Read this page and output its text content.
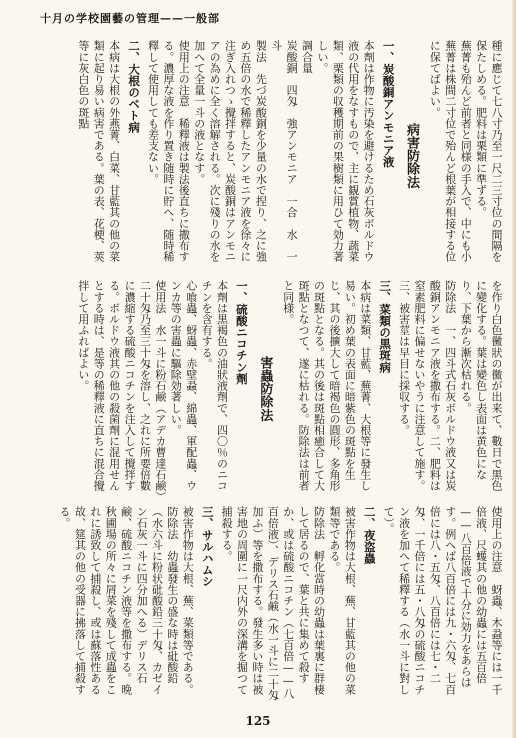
十月の学校園藝の管理——一般部

種に應じて七八寸乃至一尺二三寸位の間隔を保たしめる。肥料は栗類に準ずる。

蕪菁も殆んど前者と同様の手入で、中にも小蕪菁は株間二寸位で殆んど根葉が相接する位に保てばよい。

病害防除法
一、炭酸銅アンモニア液

本劑は作物に汚染を避けるため石灰ボルドウ液の代用をなすもので、主に観賞植物、蔬菜類、栗類の収穫期前の果樹類に用ひて効力著しい。

調合量

炭酸銅　四匁　強アンモニア　一合　水　一斗

製法　先づ炭酸銅を少量の水で捏り、之に強め五倍の水で稀釋したアンモニア液を徐々に注ぎ入れつゝ攪拌すると、炭酸銅はアンモニアの為めに全く溶解される。次に殘りの水を加へて全量一斗の液となす。

使用上の注意　稀釋液は製法後直ちに撒布する。濃厚な液を作り置き随時に貯へ、随時稀釋して使用しても差支ない。

二、大根のベト病

本病は大根の外燕菁、白菜、甘藍其の他の菜類に起り易い病害である。葉の表、花梗、莢等に灰白色の斑點

を作り白色黴狀の黴が出来て、數日で黒色に變化する。葉は變色し表面は黄色になり、下葉から漸次枯れる。

防除法　一、四斗式石灰ボルドウ液又は炭酸銅アンモニア液を撒布する。二、肥料は窒素肥料に偏せないやうに注意して施す。三、被害莖は早目に採収する。

三、菜類の黒斑病

本病は菜類、甘藍、蕪菁、大根等に發生し易い。初め葉の表面に暗紫色の斑點を生じ、其の後擴大して暗褐色の圓形、多角形の斑點となる。其の後は斑點相癒合して大斑點となつて、遂に枯れる。防除法は前者と同様。

害蟲防除法
一、硫酸ニコチン劑

本劑は黒褐色の油狀液劑で、四〇％のニコチンを含有する。

心喰蟲、蚜蟲、赤壁蝨、綿蟲、軍配蟲、ウンカ等の害蟲に驅除効著しい。

使用法　水一斗に粉石鹸（アデカ曹達石鹸）二十匁乃至三十匁を溶し、之れに所要倍數に濃縮する硫酸ニコチンを注入して攪拌する。ボルドウ液其の他の殺菌劑に混用せんとする時は、是等の稀釋液に直ちに混合攪拌して用ふればよい。

使用上の注意　蚜蟲、木蝨等には一千倍液、尺蠖其の他の幼蟲には五百倍——八百倍液で十分に効力をあらはす。例へば八百倍には九・六匁、七百倍には八・五匁、八百倍には七・二匁、一千倍には五・八匁の硫酸ニコチン液を加へて稀釋する（水一斗に對して）。

二、夜盗蟲

被害作物は大根、蕪、甘藍其の他の菜類等である。

防除法　孵化當時の幼蟲は葉裏に群棲して居るので、葉と共に集めて殺すか、或は硫酸ニコチン（七百倍——八百倍液）、デリス石鹸（水一斗に二十匁加ふ）等を撒布する。發生多い時は被害地の周圍に一尺内外の深溝を掘つて捕殺する。

三、サルハムシ

被害作物は大根、蕪、菜類等である。

防除法　幼蟲發生の盛な時は砒酸鉛（水六斗に粉状砒酸鉛三十匁、カゼイン石灰一斗に四分加へる）デリス石鹸、硫酸ニコチン液等を撒布する。晩秋圃場の所々に屑菜を殘して成蟲をこれに誘致して捕殺し、或は蘇落性ある故、筵其の他の受器に拂落して捕殺する。

125
